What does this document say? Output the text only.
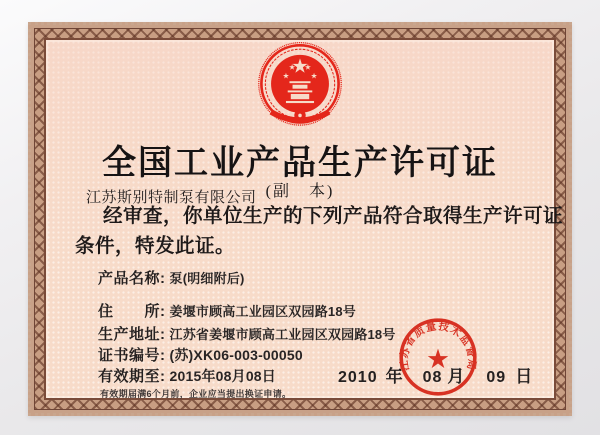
全国工业产品生产许可证
(副　本)
江苏斯别特制泵有限公司
经审查，你单位生产的下列产品符合取得生产许可证
条件，特发此证。
产品名称: 泵(明细附后)
住　　所: 姜堰市顾高工业园区双园路18号
生产地址: 江苏省姜堰市顾高工业园区双园路18号
证书编号: (苏)XK06-003-00050
有效期至: 2015年08月08日
有效期届满6个月前，企业应当提出换证申请。
2010 年 08 月 09 日
江苏省质量技术监督局
